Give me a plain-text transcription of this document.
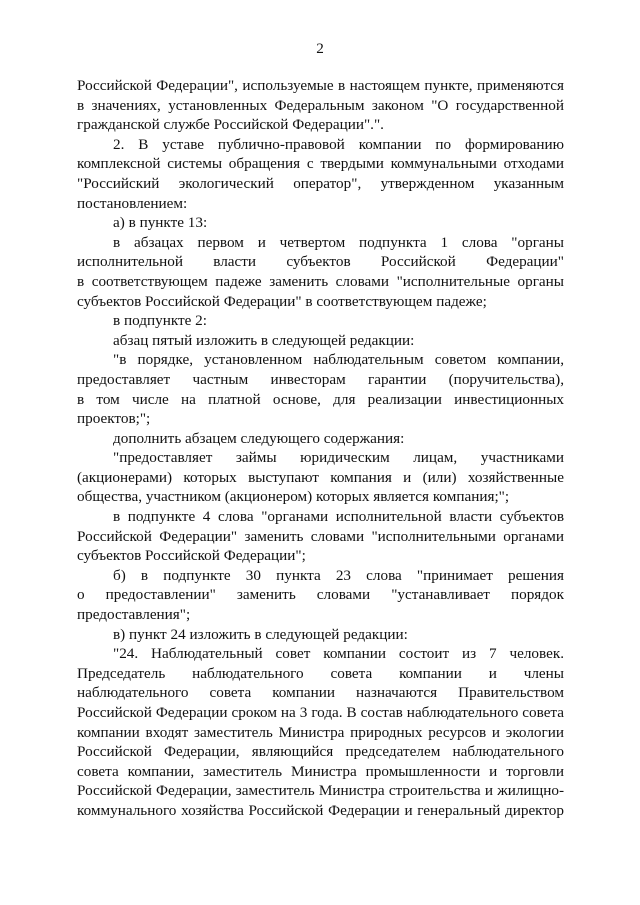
2
Российской Федерации", используемые в настоящем пункте, применяются
в значениях, установленных Федеральным законом "О государственной
гражданской службе Российской Федерации".".
2. В уставе публично-правовой компании по формированию
комплексной системы обращения с твердыми коммунальными отходами
"Российский экологический оператор", утвержденном указанным
постановлением:
а) в пункте 13:
в абзацах первом и четвертом подпункта 1 слова "органы
исполнительной власти субъектов Российской Федерации"
в соответствующем падеже заменить словами "исполнительные органы
субъектов Российской Федерации" в соответствующем падеже;
в подпункте 2:
абзац пятый изложить в следующей редакции:
"в порядке, установленном наблюдательным советом компании,
предоставляет частным инвесторам гарантии (поручительства),
в том числе на платной основе, для реализации инвестиционных
проектов;";
дополнить абзацем следующего содержания:
"предоставляет займы юридическим лицам, участниками
(акционерами) которых выступают компания и (или) хозяйственные
общества, участником (акционером) которых является компания;";
в подпункте 4 слова "органами исполнительной власти субъектов
Российской Федерации" заменить словами "исполнительными органами
субъектов Российской Федерации";
б) в подпункте 30 пункта 23 слова "принимает решения
о предоставлении" заменить словами "устанавливает порядок
предоставления";
в) пункт 24 изложить в следующей редакции:
"24. Наблюдательный совет компании состоит из 7 человек.
Председатель наблюдательного совета компании и члены
наблюдательного совета компании назначаются Правительством
Российской Федерации сроком на 3 года. В состав наблюдательного совета
компании входят заместитель Министра природных ресурсов и экологии
Российской Федерации, являющийся председателем наблюдательного
совета компании, заместитель Министра промышленности и торговли
Российской Федерации, заместитель Министра строительства и жилищно-
коммунального хозяйства Российской Федерации и генеральный директор
